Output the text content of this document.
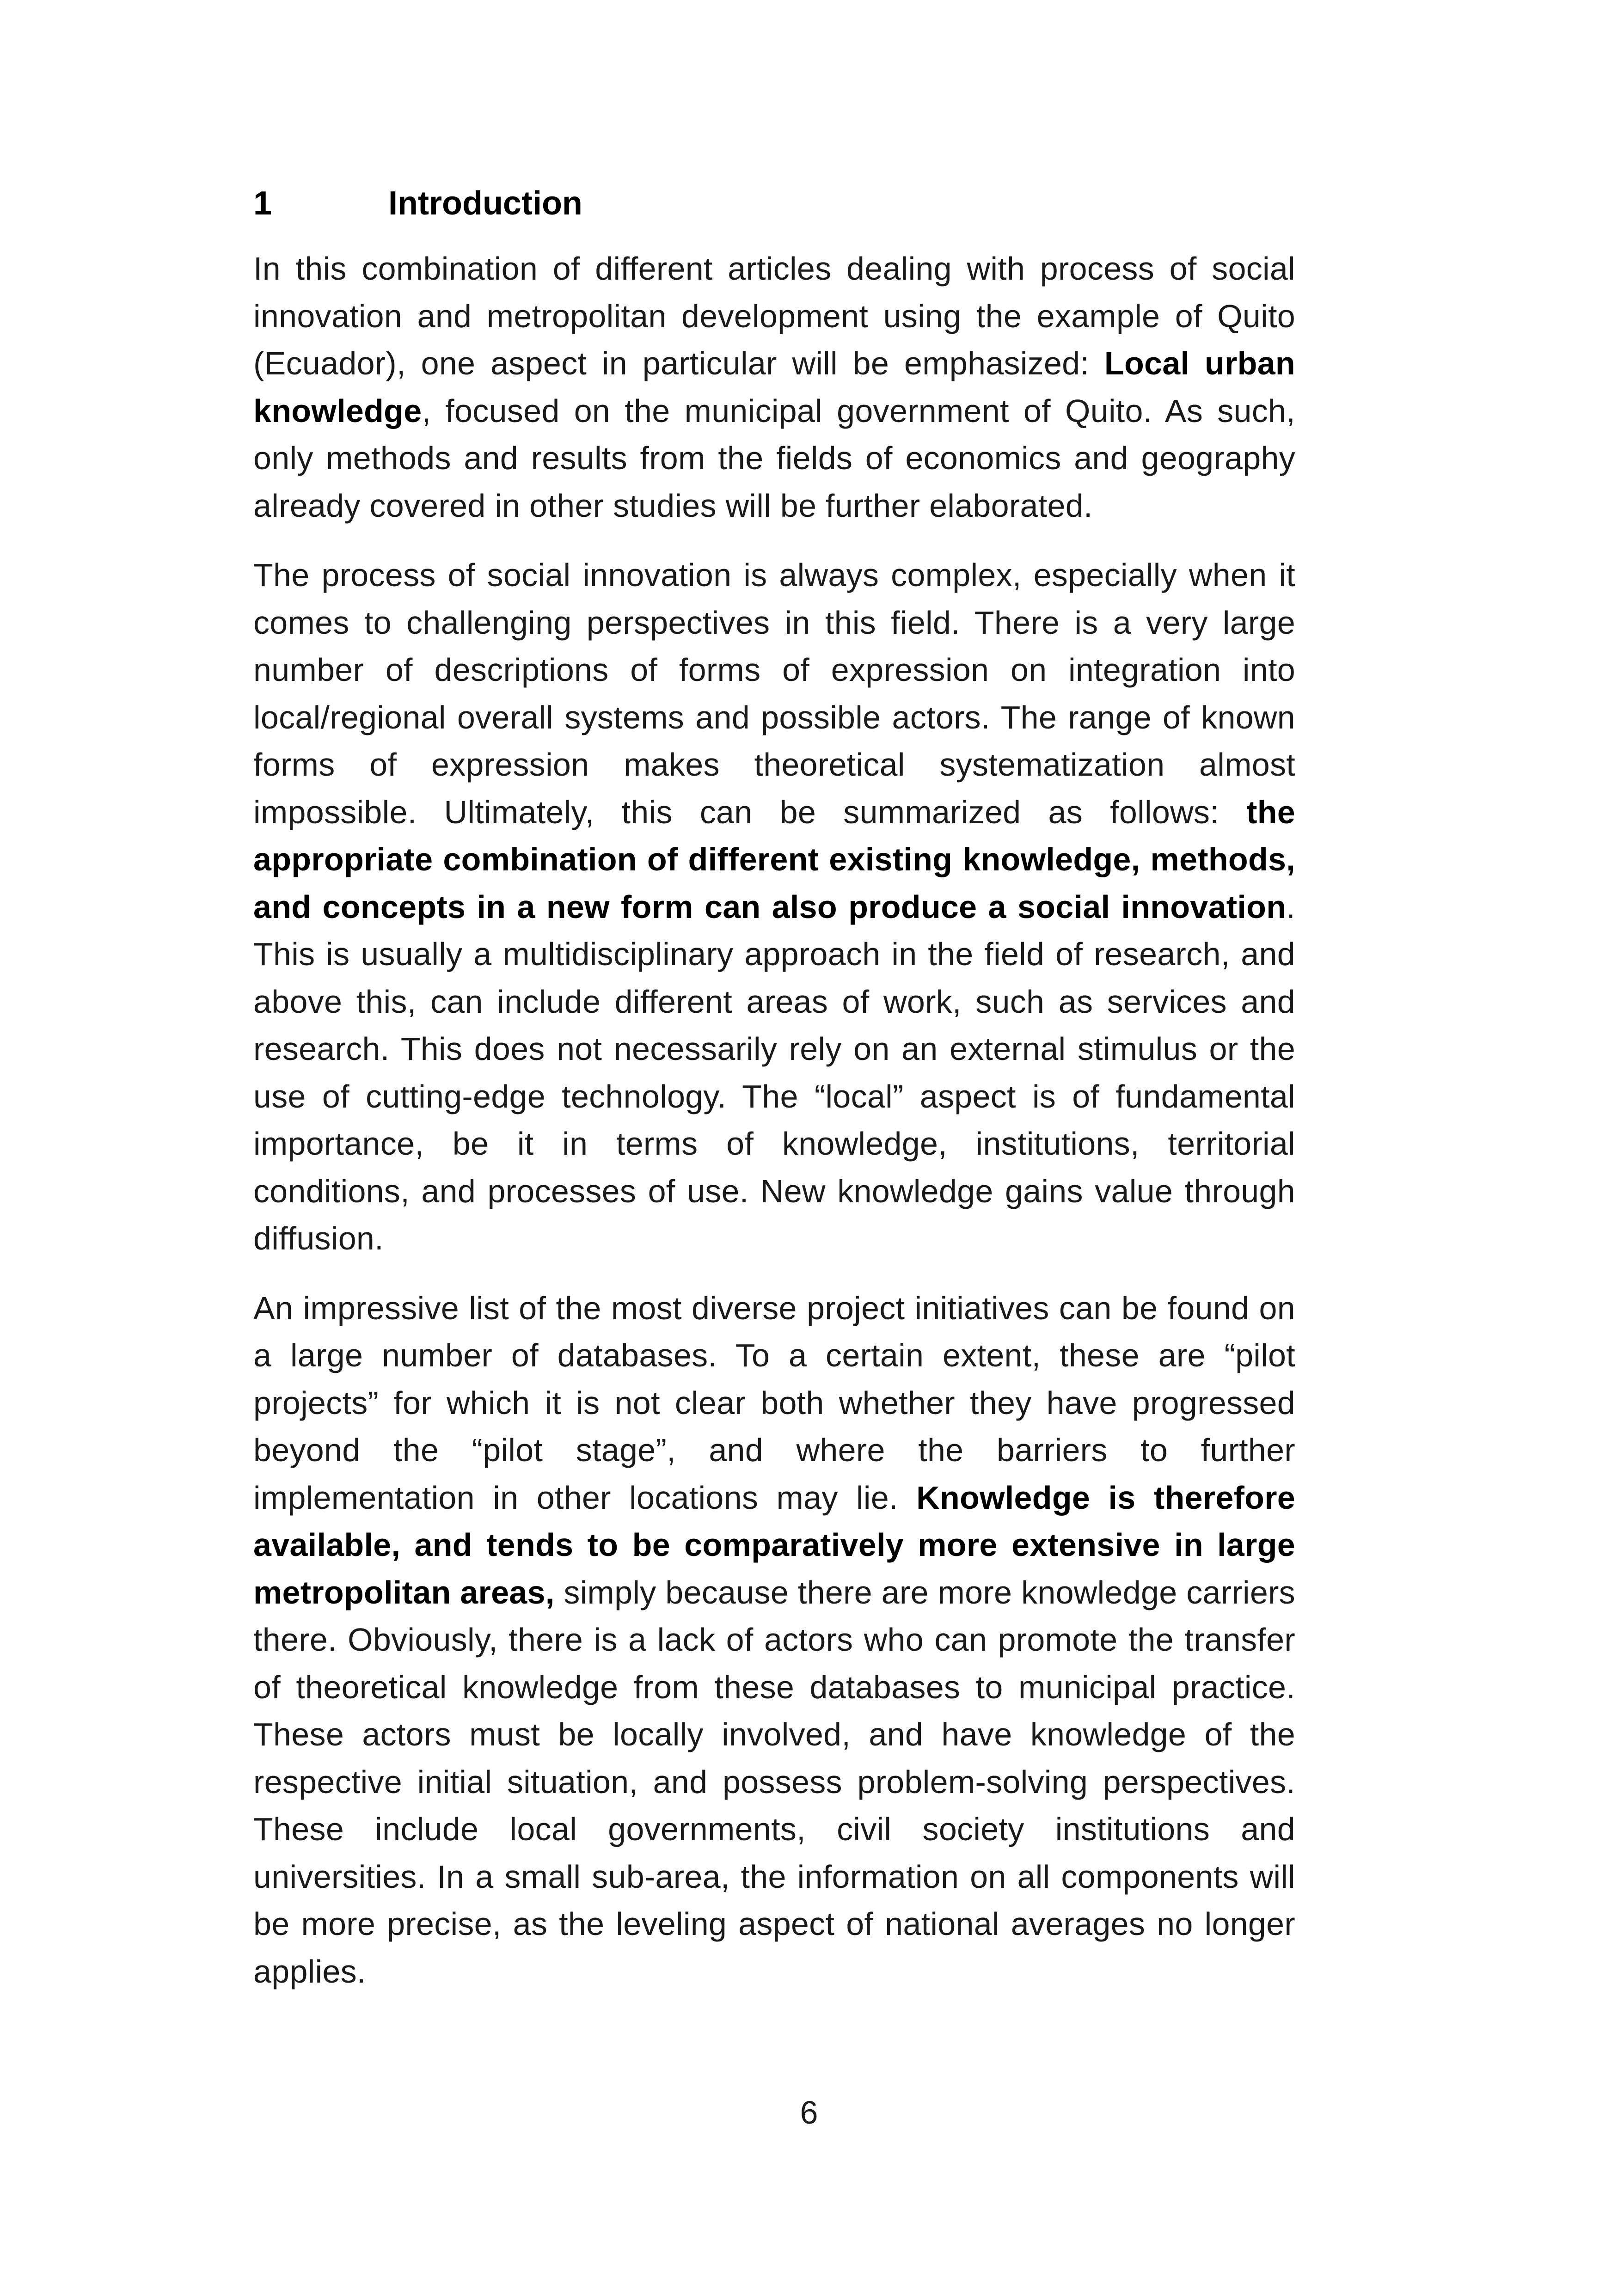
1	Introduction

In this combination of different articles dealing with process of social innovation and metropolitan development using the example of Quito (Ecuador), one aspect in particular will be emphasized: Local urban knowledge, focused on the municipal government of Quito. As such, only methods and results from the fields of economics and geography already covered in other studies will be further elaborated.

The process of social innovation is always complex, especially when it comes to challenging perspectives in this field. There is a very large number of descriptions of forms of expression on integration into local/regional overall systems and possible actors. The range of known forms of expression makes theoretical systematization almost impossible. Ultimately, this can be summarized as follows: the appropriate combination of different existing knowledge, methods, and concepts in a new form can also produce a social innovation. This is usually a multidisciplinary approach in the field of research, and above this, can include different areas of work, such as services and research. This does not necessarily rely on an external stimulus or the use of cutting-edge technology. The “local” aspect is of fundamental importance, be it in terms of knowledge, institutions, territorial conditions, and processes of use. New knowledge gains value through diffusion.

An impressive list of the most diverse project initiatives can be found on a large number of databases. To a certain extent, these are “pilot projects” for which it is not clear both whether they have progressed beyond the “pilot stage”, and where the barriers to further implementation in other locations may lie. Knowledge is therefore available, and tends to be comparatively more extensive in large metropolitan areas, simply because there are more knowledge carriers there. Obviously, there is a lack of actors who can promote the transfer of theoretical knowledge from these databases to municipal practice. These actors must be locally involved, and have knowledge of the respective initial situation, and possess problem-solving perspectives. These include local governments, civil society institutions and universities. In a small sub-area, the information on all components will be more precise, as the leveling aspect of national averages no longer applies.

6
